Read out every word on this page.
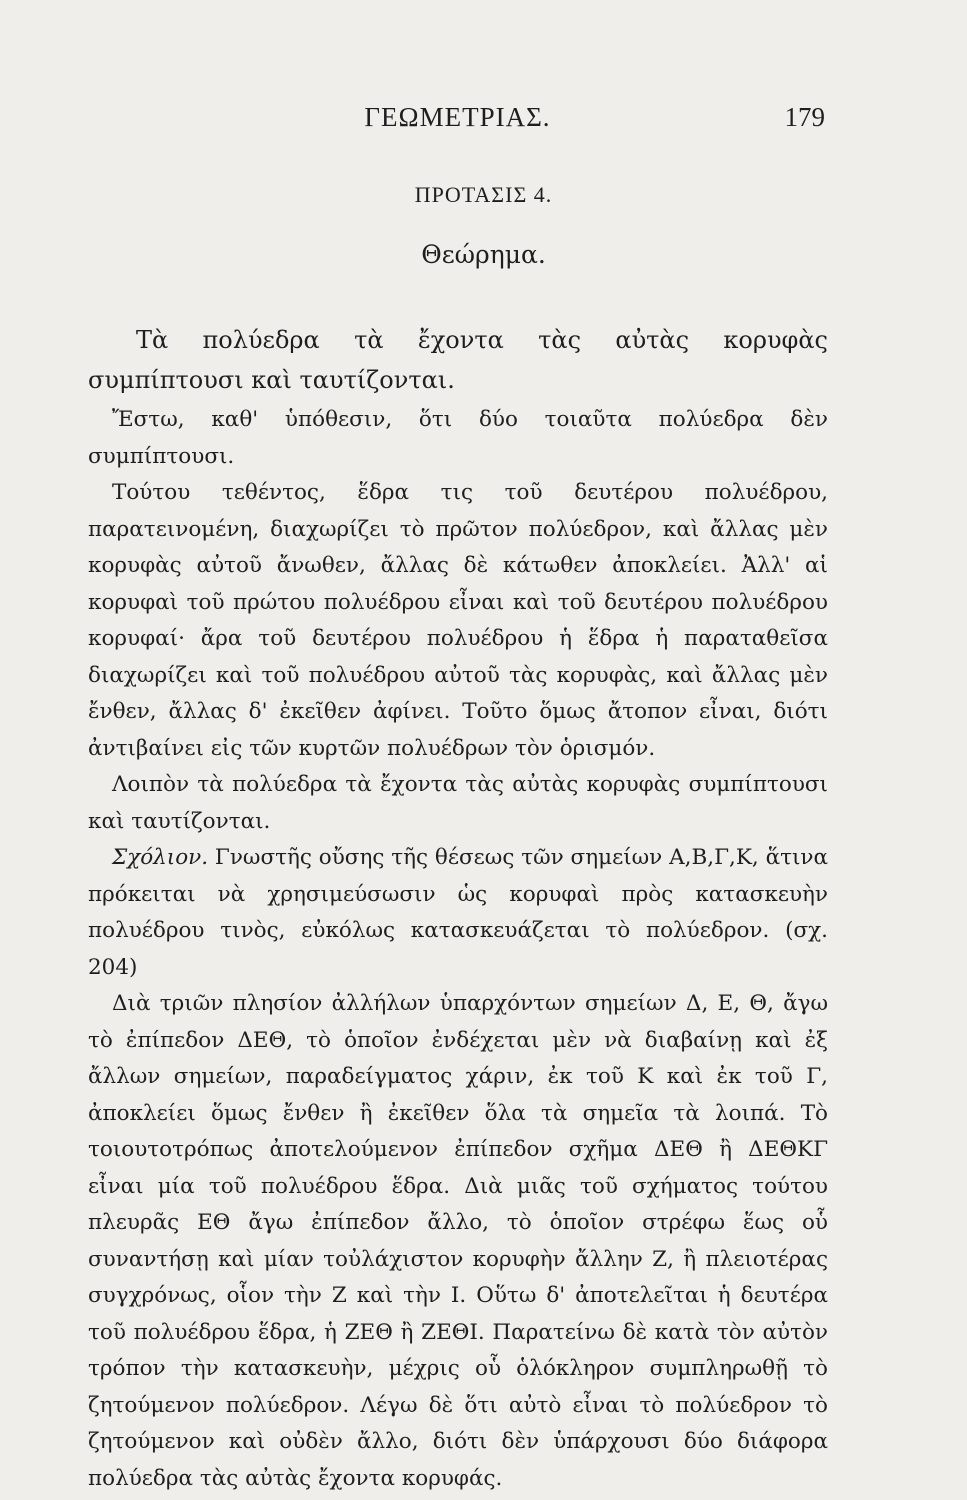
ΓΕΩΜΕΤΡΙΑΣ.	179
ΠΡΟΤΑΣΙΣ 4.
Θεώρημα.

Τὰ πολύεδρα τὰ ἔχοντα τὰς αὐτὰς κορυφὰς συμπίπτουσι καὶ ταυτίζονται.

Ἔστω, καθ' ὑπόθεσιν, ὅτι δύο τοιαῦτα πολύεδρα δὲν συμπίπτουσι.

Τούτου τεθέντος, ἕδρα τις τοῦ δευτέρου πολυέδρου, παρατεινομένη, διαχωρίζει τὸ πρῶτον πολύεδρον, καὶ ἄλλας μὲν κορυφὰς αὐτοῦ ἄνωθεν, ἄλλας δὲ κάτωθεν ἀποκλείει. Ἀλλ' αἱ κορυφαὶ τοῦ πρώτου πολυέδρου εἶναι καὶ τοῦ δευτέρου πολυέδρου κορυφαί· ἄρα τοῦ δευτέρου πολυέδρου ἡ ἕδρα ἡ παραταθεῖσα διαχωρίζει καὶ τοῦ πολυέδρου αὐτοῦ τὰς κορυφὰς, καὶ ἄλλας μὲν ἔνθεν, ἄλλας δ' ἐκεῖθεν ἀφίνει. Τοῦτο ὅμως ἄτοπον εἶναι, διότι ἀντιβαίνει εἰς τῶν κυρτῶν πολυέδρων τὸν ὁρισμόν.

Λοιπὸν τὰ πολύεδρα τὰ ἔχοντα τὰς αὐτὰς κορυφὰς συμπίπτουσι καὶ ταυτίζονται.

Σχόλιον. Γνωστῆς οὔσης τῆς θέσεως τῶν σημείων Α,Β,Γ,Κ, ἅτινα πρόκειται νὰ χρησιμεύσωσιν ὡς κορυφαὶ πρὸς κατασκευὴν πολυέδρου τινὸς, εὐκόλως κατασκευάζεται τὸ πολύεδρον. (σχ. 204)

Διὰ τριῶν πλησίον ἀλλήλων ὑπαρχόντων σημείων Δ, Ε, Θ, ἄγω τὸ ἐπίπεδον ΔΕΘ, τὸ ὁποῖον ἐνδέχεται μὲν νὰ διαβαίνῃ καὶ ἐξ ἄλλων σημείων, παραδείγματος χάριν, ἐκ τοῦ Κ καὶ ἐκ τοῦ Γ, ἀποκλείει ὅμως ἔνθεν ἢ ἐκεῖθεν ὅλα τὰ σημεῖα τὰ λοιπά. Τὸ τοιουτοτρόπως ἀποτελούμενον ἐπίπεδον σχῆμα ΔΕΘ ἢ ΔΕΘΚΓ εἶναι μία τοῦ πολυέδρου ἕδρα. Διὰ μιᾶς τοῦ σχήματος τούτου πλευρᾶς ΕΘ ἄγω ἐπίπεδον ἄλλο, τὸ ὁποῖον στρέφω ἕως οὗ συναντήσῃ καὶ μίαν τοὐλάχιστον κορυφὴν ἄλλην Ζ, ἢ πλειοτέρας συγχρόνως, οἷον τὴν Ζ καὶ τὴν Ι. Οὕτω δ' ἀποτελεῖται ἡ δευτέρα τοῦ πολυέδρου ἕδρα, ἡ ΖΕΘ ἢ ΖΕΘΙ. Παρατείνω δὲ κατὰ τὸν αὐτὸν τρόπον τὴν κατασκευὴν, μέχρις οὗ ὁλόκληρον συμπληρωθῇ τὸ ζητούμενον πολύεδρον. Λέγω δὲ ὅτι αὐτὸ εἶναι τὸ πολύεδρον τὸ ζητούμενον καὶ οὐδὲν ἄλλο, διότι δὲν ὑπάρχουσι δύο διάφορα πολύεδρα τὰς αὐτὰς ἔχοντα κορυφάς.
